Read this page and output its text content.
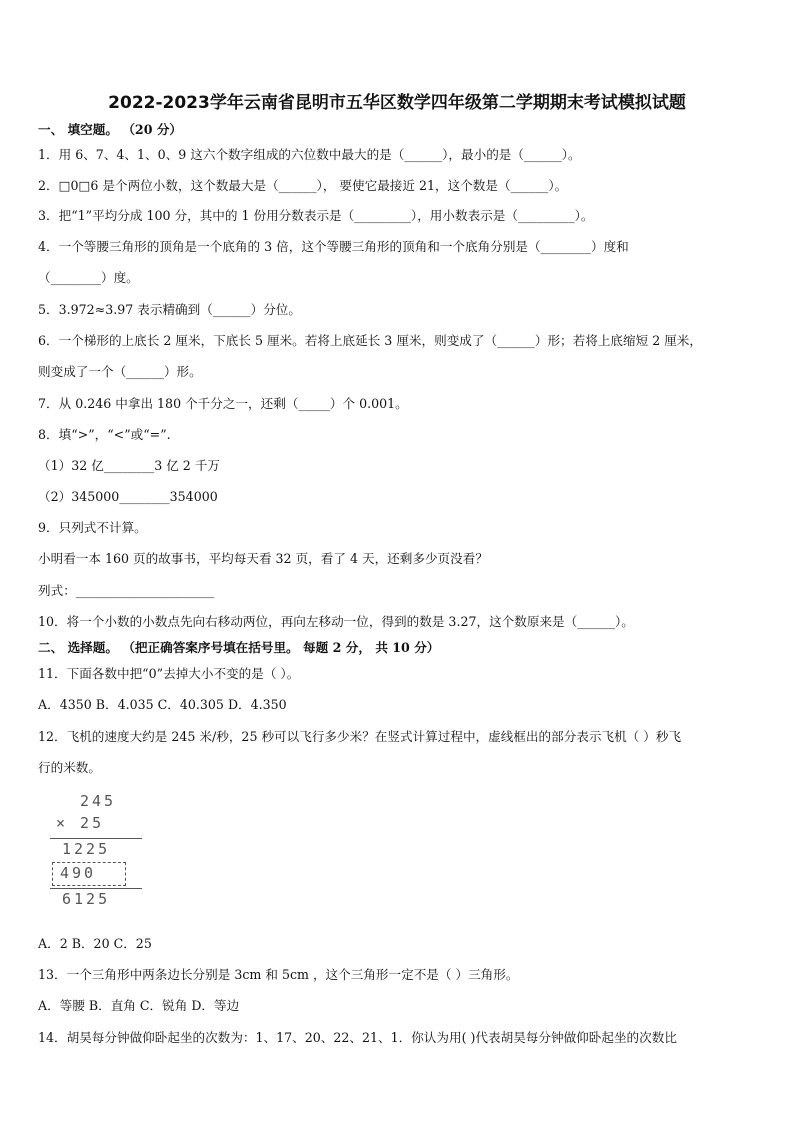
2022-2023学年云南省昆明市五华区数学四年级第二学期期末考试模拟试题
一、 填空题。 （20 分）
1．用 6、7、4、1、0、9 这六个数字组成的六位数中最大的是（______），最小的是（______）。
2．□0□6 是个两位小数，这个数最大是（______）， 要使它最接近 21，这个数是（______）。
3．把“1”平均分成 100 分，其中的 1 份用分数表示是（_________），用小数表示是（_________）。
4．一个等腰三角形的顶角是一个底角的 3 倍，这个等腰三角形的顶角和一个底角分别是（________）度和
（________）度。
5．3.972≈3.97 表示精确到（______）分位。
6．一个梯形的上底长 2 厘米，下底长 5 厘米。若将上底延长 3 厘米，则变成了（______）形；若将上底缩短 2 厘米，
则变成了一个（______）形。
7．从 0.246 中拿出 180 个千分之一，还剩（_____）个 0.001。
8．填“>”，“<”或“=”.
（1）32 亿________3 亿 2 千万
（2）345000________354000
9．只列式不计算。
小明看一本 160 页的故事书，平均每天看 32 页，看了 4 天，还剩多少页没看？
列式：______________________
10．将一个小数的小数点先向右移动两位，再向左移动一位，得到的数是 3.27，这个数原来是（______）。
二、 选择题。 （把正确答案序号填在括号里。 每题 2 分， 共 10 分）
11．下面各数中把“0”去掉大小不变的是（ ）。
A．4350 B．4.035 C．40.305 D．4.350
12．飞机的速度大约是 245 米/秒，25 秒可以飞行多少米？在竖式计算过程中，虚线框出的部分表示飞机（ ）秒飞
行的米数。
245
× 25
1225
490
6125
A．2 B．20 C．25
13．一个三角形中两条边长分别是 3cm 和 5cm ，这个三角形一定不是（ ）三角形。
A．等腰 B．直角 C．锐角 D．等边
14．胡昊每分钟做仰卧起坐的次数为：1、17、20、22、21、1．你认为用( )代表胡昊每分钟做仰卧起坐的次数比
